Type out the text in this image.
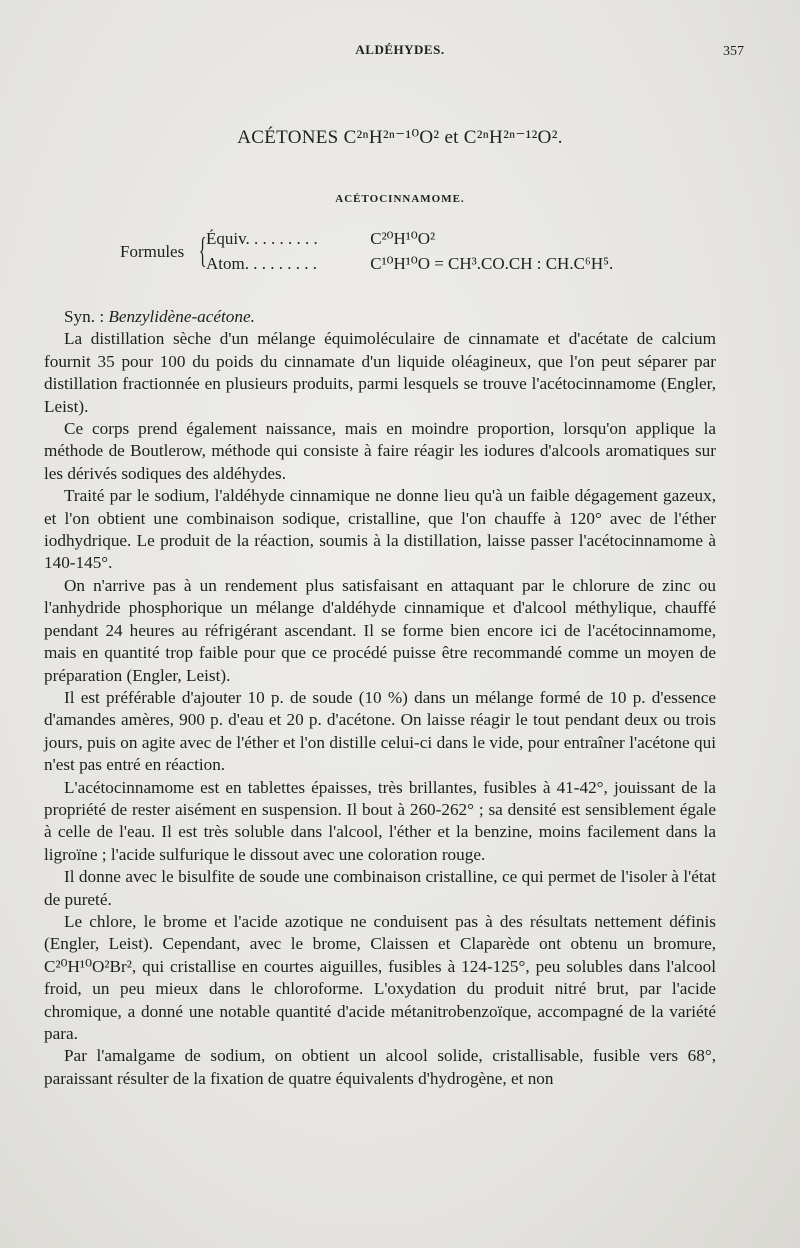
ALDÉHYDES.	357
ACÉTONES C²ⁿH²ⁿ⁻¹⁰O² et C²ⁿH²ⁿ⁻¹²O².
ACÉTOCINNAMOME.
Formules { Équiv. . . . . . . . .	C²⁰H¹⁰O²
Atom. . . . . . . . .	C¹⁰H¹⁰O = CH³.CO.CH : CH.C⁶H⁵.

Syn. : Benzylidène-acétone.

La distillation sèche d'un mélange équimoléculaire de cinnamate et d'acétate de calcium fournit 35 pour 100 du poids du cinnamate d'un liquide oléagineux, que l'on peut séparer par distillation fractionnée en plusieurs produits, parmi lesquels se trouve l'acétocinnamome (Engler, Leist).

Ce corps prend également naissance, mais en moindre proportion, lorsqu'on applique la méthode de Boutlerow, méthode qui consiste à faire réagir les iodures d'alcools aromatiques sur les dérivés sodiques des aldéhydes.

Traité par le sodium, l'aldéhyde cinnamique ne donne lieu qu'à un faible dégagement gazeux, et l'on obtient une combinaison sodique, cristalline, que l'on chauffe à 120° avec de l'éther iodhydrique. Le produit de la réaction, soumis à la distillation, laisse passer l'acétocinnamome à 140-145°.

On n'arrive pas à un rendement plus satisfaisant en attaquant par le chlorure de zinc ou l'anhydride phosphorique un mélange d'aldéhyde cinnamique et d'alcool méthylique, chauffé pendant 24 heures au réfrigérant ascendant. Il se forme bien encore ici de l'acétocinnamome, mais en quantité trop faible pour que ce procédé puisse être recommandé comme un moyen de préparation (Engler, Leist).

Il est préférable d'ajouter 10 p. de soude (10 %) dans un mélange formé de 10 p. d'essence d'amandes amères, 900 p. d'eau et 20 p. d'acétone. On laisse réagir le tout pendant deux ou trois jours, puis on agite avec de l'éther et l'on distille celui-ci dans le vide, pour entraîner l'acétone qui n'est pas entré en réaction.

L'acétocinnamome est en tablettes épaisses, très brillantes, fusibles à 41-42°, jouissant de la propriété de rester aisément en suspension. Il bout à 260-262° ; sa densité est sensiblement égale à celle de l'eau. Il est très soluble dans l'alcool, l'éther et la benzine, moins facilement dans la ligroïne ; l'acide sulfurique le dissout avec une coloration rouge.

Il donne avec le bisulfite de soude une combinaison cristalline, ce qui permet de l'isoler à l'état de pureté.

Le chlore, le brome et l'acide azotique ne conduisent pas à des résultats nettement définis (Engler, Leist). Cependant, avec le brome, Claissen et Claparède ont obtenu un bromure, C²⁰H¹⁰O²Br², qui cristallise en courtes aiguilles, fusibles à 124-125°, peu solubles dans l'alcool froid, un peu mieux dans le chloroforme. L'oxydation du produit nitré brut, par l'acide chromique, a donné une notable quantité d'acide métanitrobenzoïque, accompagné de la variété para.

Par l'amalgame de sodium, on obtient un alcool solide, cristallisable, fusible vers 68°, paraissant résulter de la fixation de quatre équivalents d'hydrogène, et non
